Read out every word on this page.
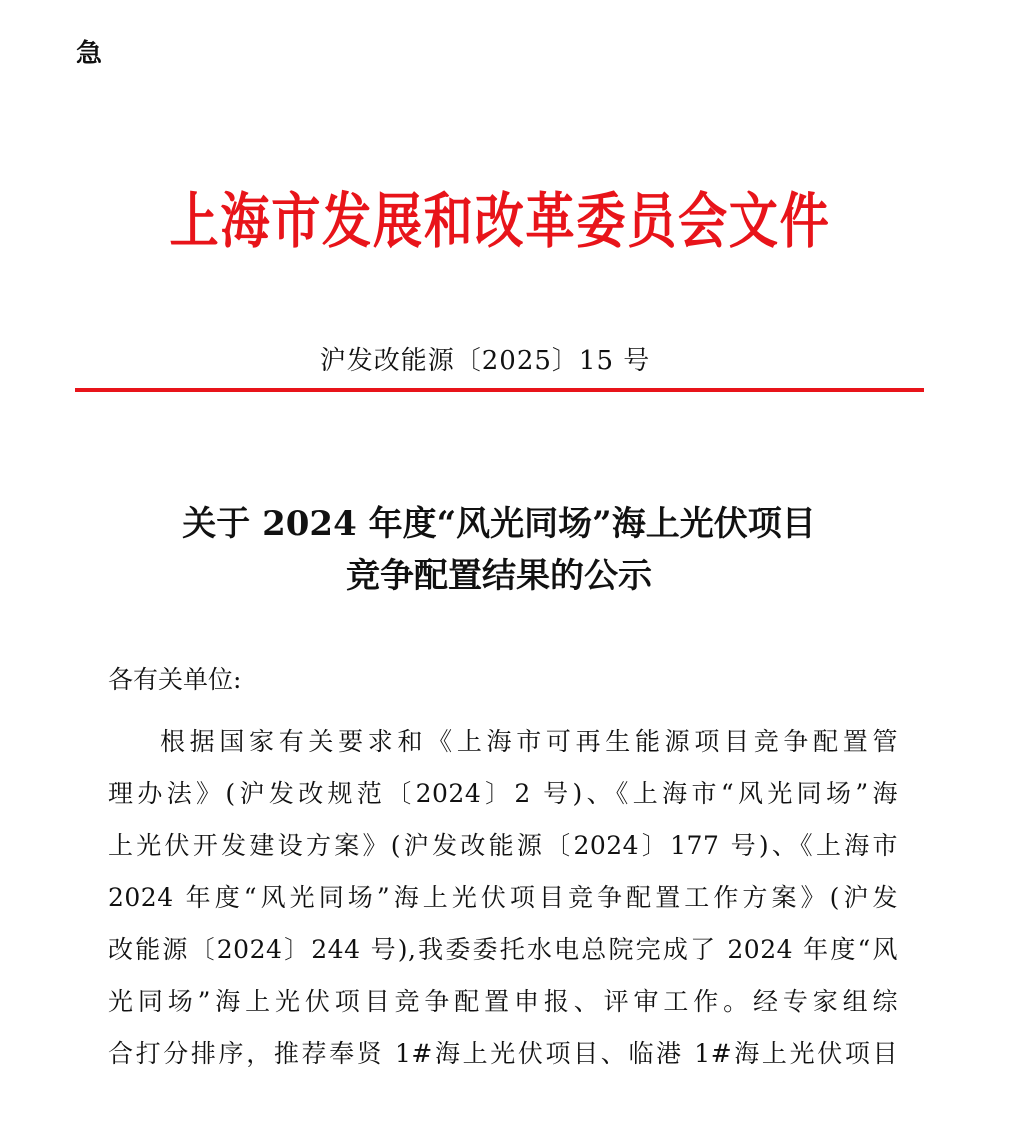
急
上海市发展和改革委员会文件
沪发改能源〔2025〕15 号
关于 2024 年度“风光同场”海上光伏项目
竞争配置结果的公示
各有关单位:
根据国家有关要求和《上海市可再生能源项目竞争配置管
理办法》(沪发改规范〔2024〕2 号)、《上海市“风光同场”海
上光伏开发建设方案》(沪发改能源〔2024〕177 号)、《上海市
2024 年度“风光同场”海上光伏项目竞争配置工作方案》(沪发
改能源〔2024〕244 号),我委委托水电总院完成了 2024 年度“风
光同场”海上光伏项目竞争配置申报、评审工作。经专家组综
合打分排序，推荐奉贤 1#海上光伏项目、临港 1#海上光伏项目
